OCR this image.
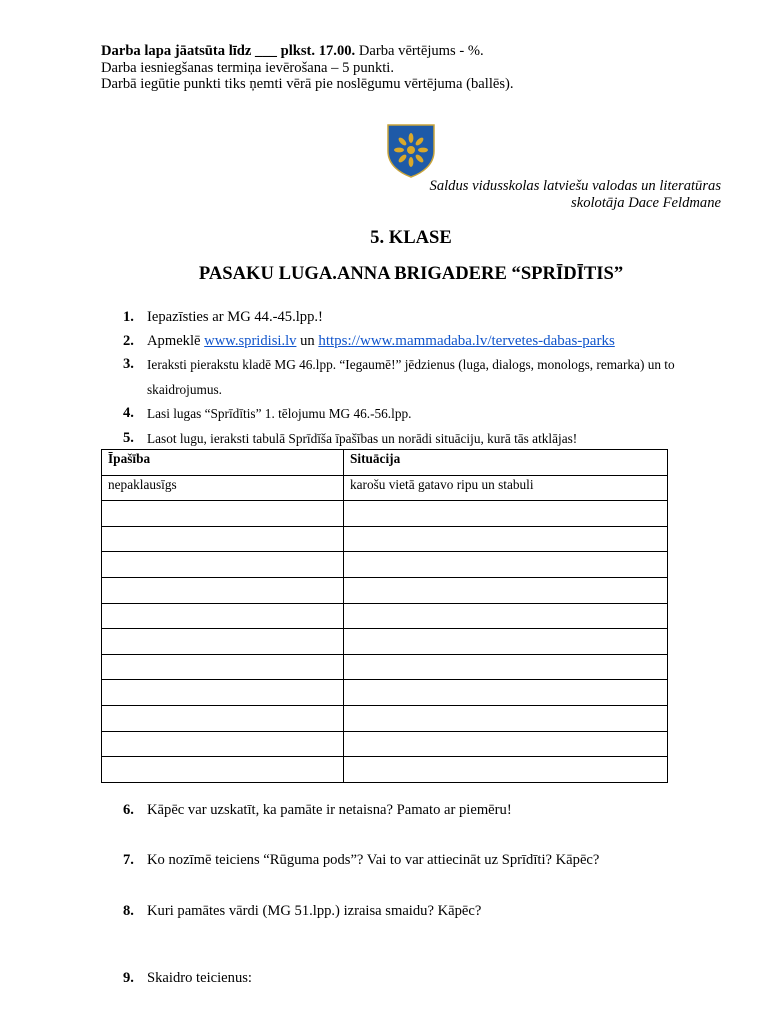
Darba lapa jāatsūta līdz ___ plkst. 17.00. Darba vērtējums - %.
Darba iesniegšanas termiņa ievērošana – 5 punkti.
Darbā iegūtie punkti tiks ņemti vērā pie noslēgumu vērtējuma (ballēs).
Saldus vidusskolas latviešu valodas un literatūras
skolotāja Dace Feldmane
5. KLASE
PASAKU LUGA.ANNA BRIGADERE “SPRĪDĪTIS”
1. Iepazīsties ar MG 44.-45.lpp.!
2. Apmeklē www.spridisi.lv un https://www.mammadaba.lv/tervetes-dabas-parks
3. Ieraksti pierakstu kladē MG 46.lpp. “Iegaumē!” jēdzienus (luga, dialogs, monologs, remarka) un to skaidrojumus.
4. Lasi lugas “Sprīdītis” 1. tēlojumu MG 46.-56.lpp.
5. Lasot lugu, ieraksti tabulā Sprīdīša īpašības un norādi situāciju, kurā tās atklājas!
Īpašība	Situācija
nepaklausīgs	karošu vietā gatavo ripu un stabuli

6. Kāpēc var uzskatīt, ka pamāte ir netaisna? Pamato ar piemēru!
7. Ko nozīmē teiciens “Rūguma pods”? Vai to var attiecināt uz Sprīdīti? Kāpēc?
8. Kuri pamātes vārdi (MG 51.lpp.) izraisa smaidu? Kāpēc?
9. Skaidro teicienus:
